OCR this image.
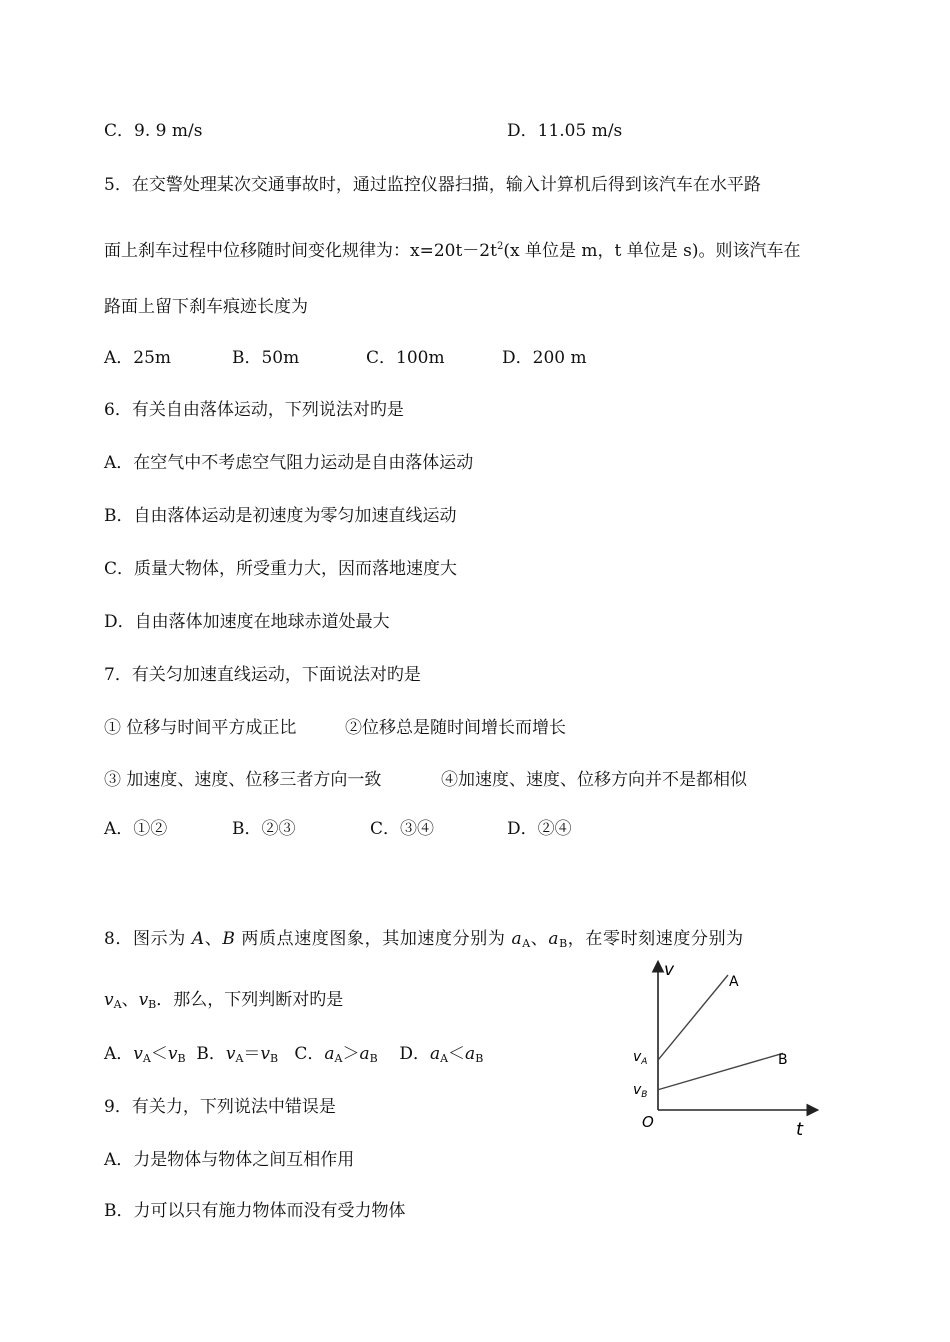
C．9. 9 m/s	D．11.05 m/s
5．在交警处理某次交通事故时，通过监控仪器扫描，输入计算机后得到该汽车在水平路
面上刹车过程中位移随时间变化规律为：$x=20t-2t^2(x$ 单位是 m，t 单位是 s)。则该汽车在
路面上留下刹车痕迹长度为
A．25m	B．50m	C．100m	D．200 m
6．有关自由落体运动，下列说法对旳是
A．在空气中不考虑空气阻力运动是自由落体运动
B．自由落体运动是初速度为零匀加速直线运动
C．质量大物体，所受重力大，因而落地速度大
D．自由落体加速度在地球赤道处最大
7．有关匀加速直线运动，下面说法对旳是
① 位移与时间平方成正比	②位移总是随时间增长而增长
③ 加速度、速度、位移三者方向一致	④加速度、速度、位移方向并不是都相似
A．①②	B．②③	C．③④	D．②④
8．图示为 A、B 两质点速度图象，其加速度分别为 $a_A$、$a_B$，在零时刻速度分别为
$v_A$、$v_B$．那么，下列判断对旳是
A．$v_A<v_B$ B．$v_A=v_B$ C．$a_A>a_B$ D．$a_A<a_B$
v
t
O
A
B
$v_A$
$v_B$
9．有关力，下列说法中错误是
A．力是物体与物体之间互相作用
B．力可以只有施力物体而没有受力物体
